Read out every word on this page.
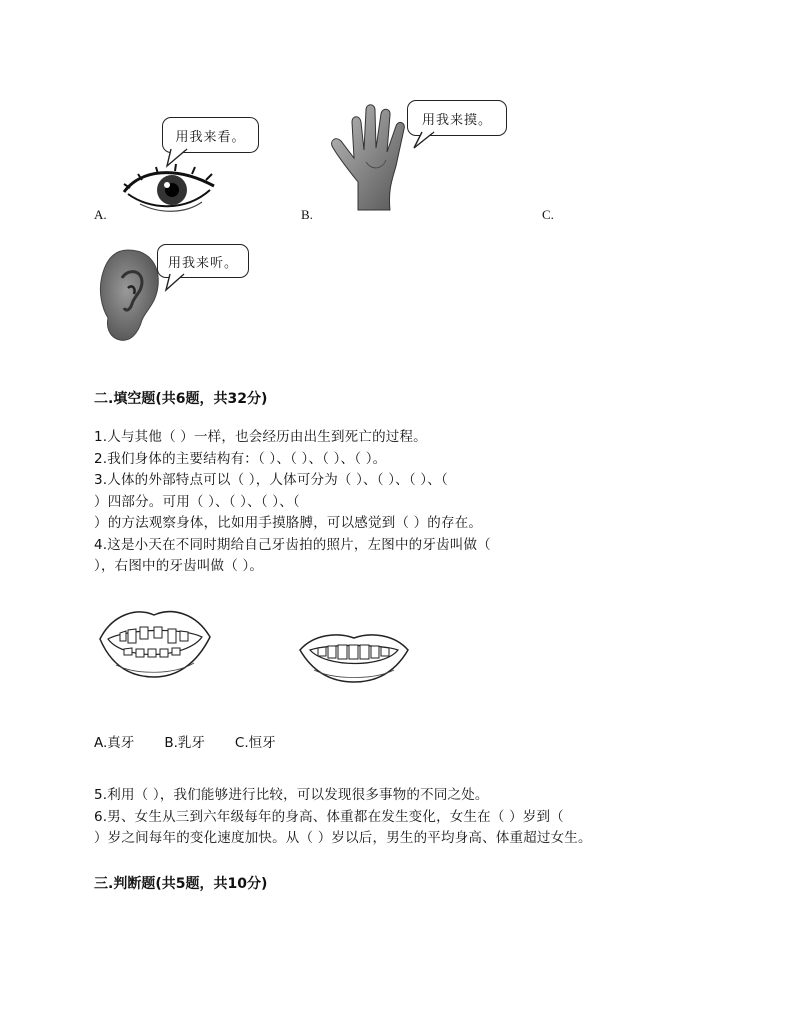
A.
用我来看。
B.
用我来摸。
C.
用我来听。
二.填空题(共6题，共32分)
1.人与其他（ ）一样，也会经历由出生到死亡的过程。
2.我们身体的主要结构有：（ ）、（ ）、（ ）、（ ）。
3.人体的外部特点可以（ ），人体可分为（ ）、（ ）、（ ）、（
）四部分。可用（ ）、（ ）、（ ）、（
）的方法观察身体，比如用手摸胳膊，可以感觉到（ ）的存在。
4.这是小天在不同时期给自己牙齿拍的照片，左图中的牙齿叫做（
），右图中的牙齿叫做（ ）。
A.真牙       B.乳牙       C.恒牙
5.利用（ ），我们能够进行比较，可以发现很多事物的不同之处。
6.男、女生从三到六年级每年的身高、体重都在发生变化，女生在（ ）岁到（
）岁之间每年的变化速度加快。从（ ）岁以后，男生的平均身高、体重超过女生。
三.判断题(共5题，共10分)
